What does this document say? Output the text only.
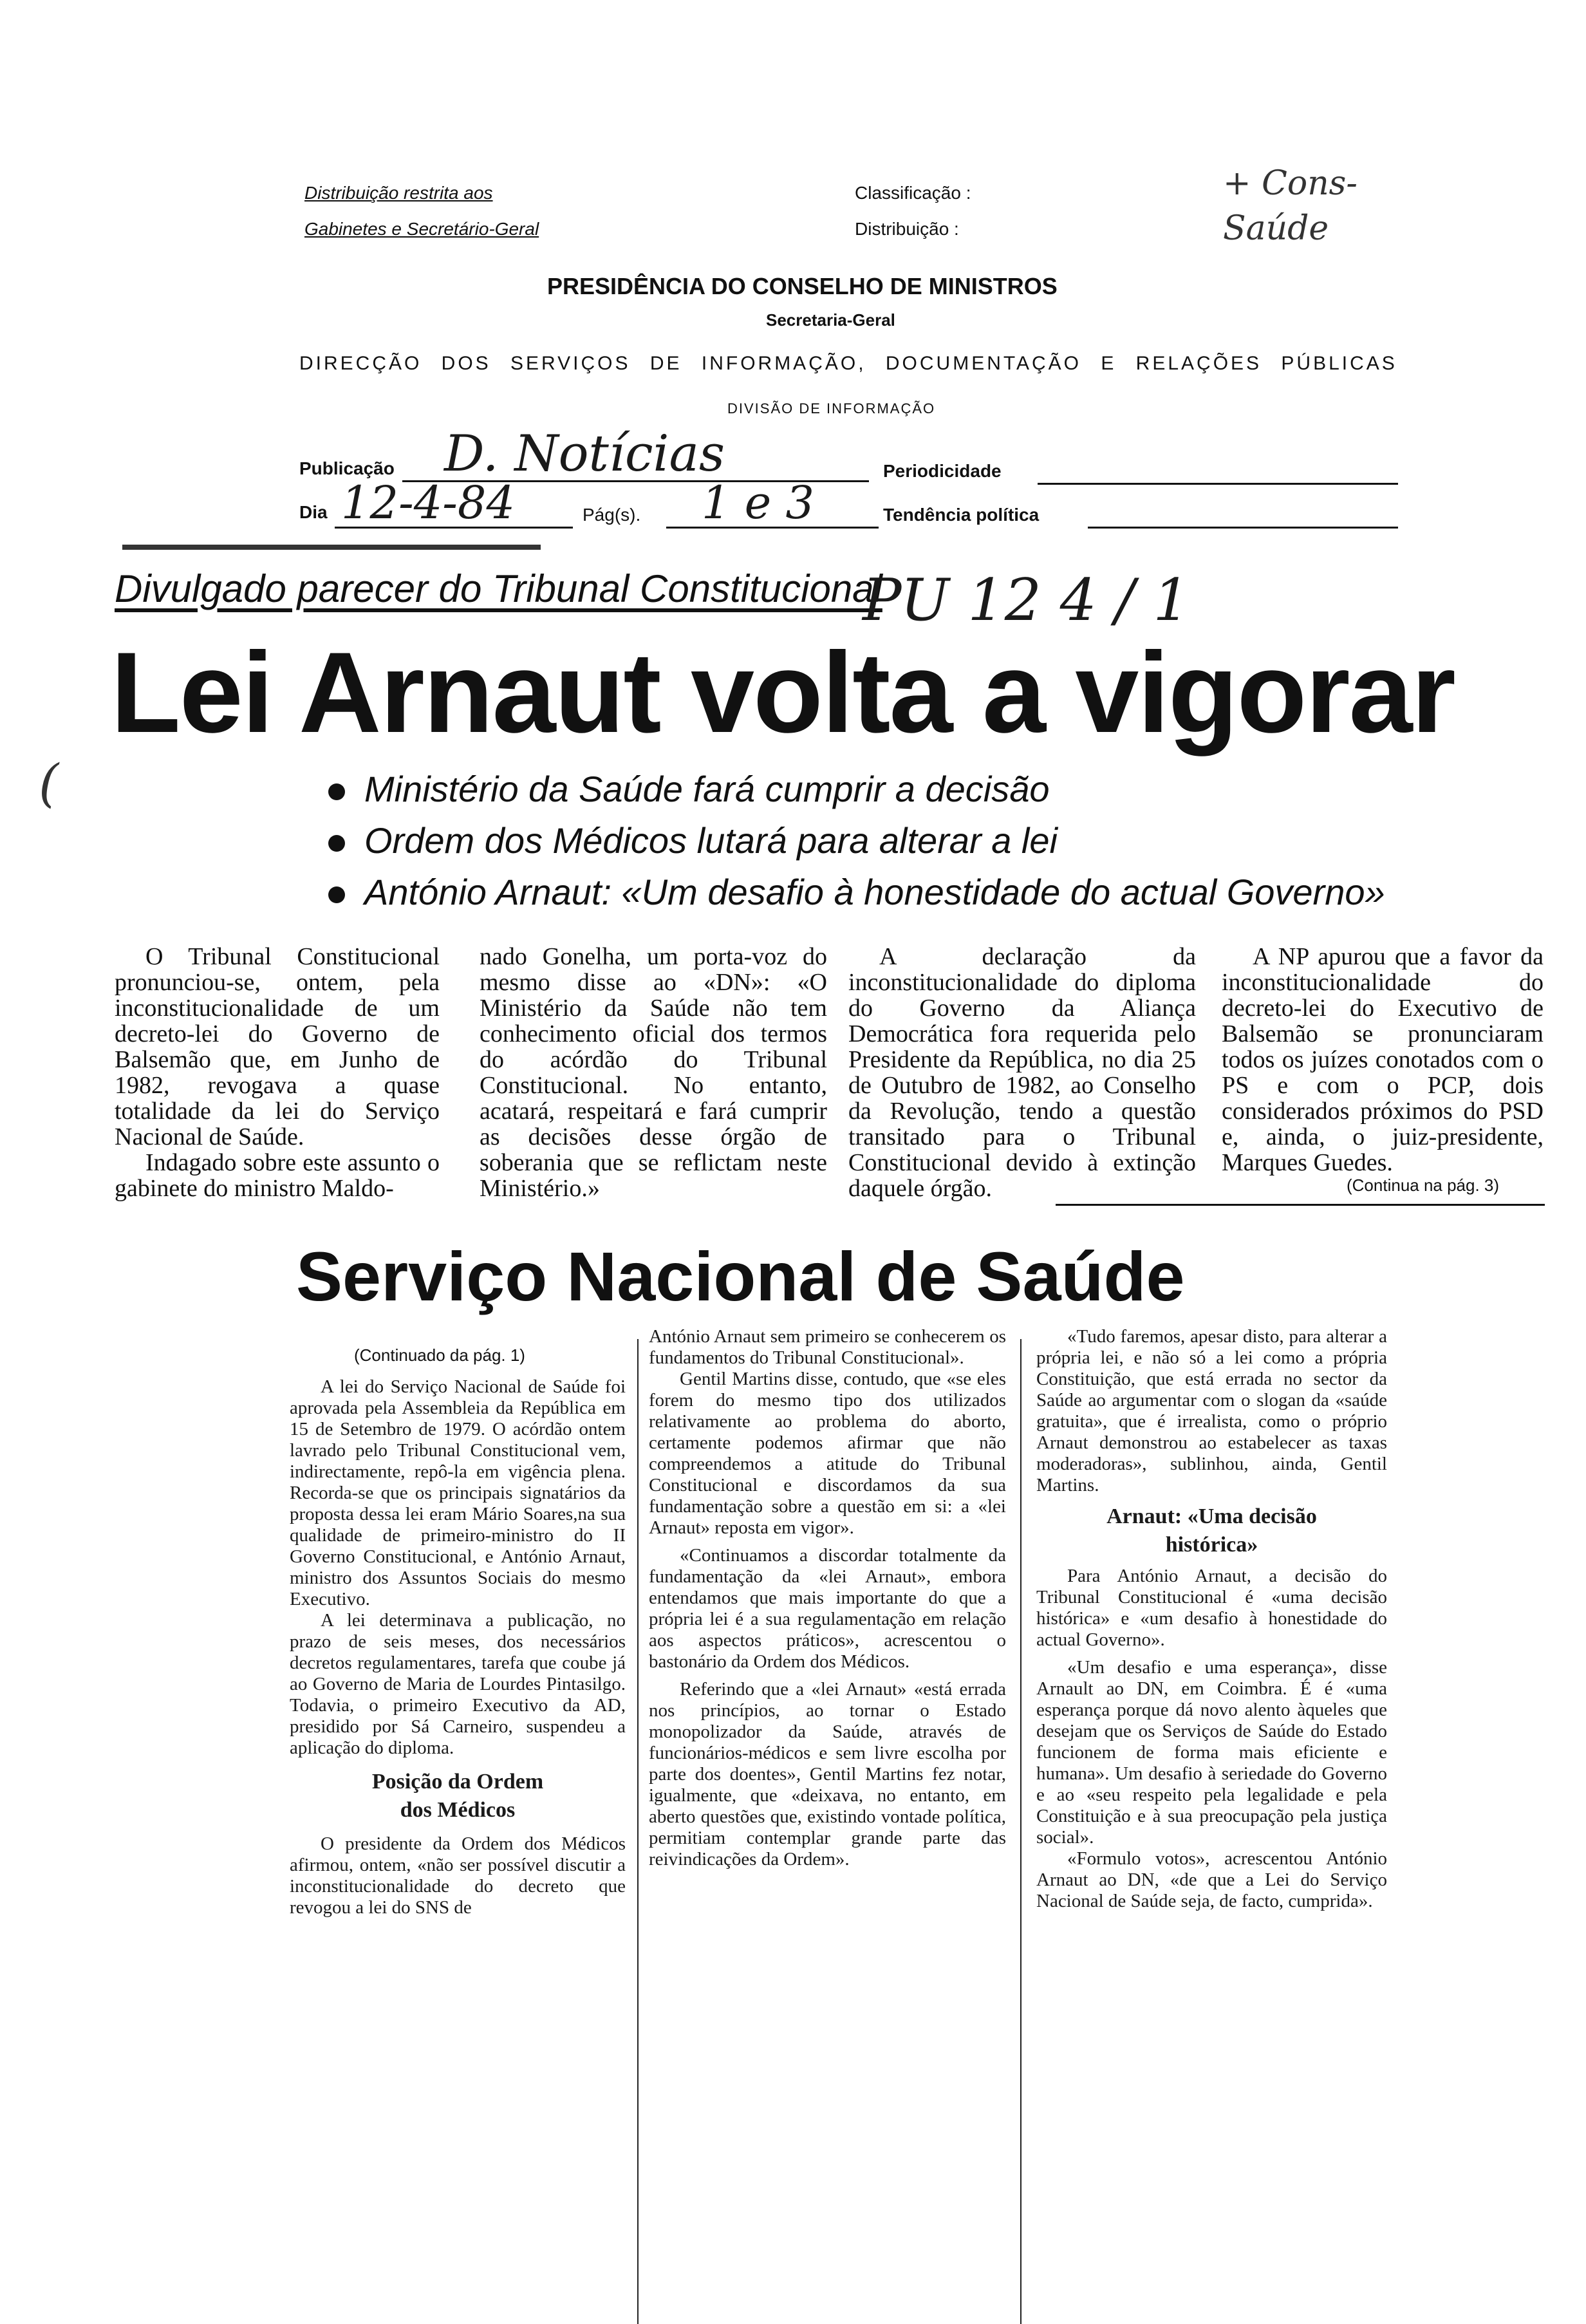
Distribuição restrita aos
Gabinetes e Secretário-Geral
Classificação :
Distribuição :
+ Cons- Saúde
PRESIDÊNCIA DO CONSELHO DE MINISTROS
Secretaria-Geral
DIRECÇÃO DOS SERVIÇOS DE INFORMAÇÃO, DOCUMENTAÇÃO E RELAÇÕES PÚBLICAS
DIVISÃO DE INFORMAÇÃO
Publicação D. Notícias	Periodicidade
Dia 12-4-84	Pág(s). 1 e 3	Tendência política
Divulgado parecer do Tribunal Constitucional
PU 12 4 / 1
Lei Arnaut volta a vigorar
Ministério da Saúde fará cumprir a decisão
Ordem dos Médicos lutará para alterar a lei
António Arnaut: «Um desafio à honestidade do actual Governo»

O Tribunal Constitucional pronunciou-se, ontem, pela inconstitucionalidade de um decreto-lei do Governo de Balsemão que, em Junho de 1982, revogava a quase totalidade da lei do Serviço Nacional de Saúde.

Indagado sobre este assunto o gabinete do ministro Maldo-

nado Gonelha, um porta-voz do mesmo disse ao «DN»: «O Ministério da Saúde não tem conhecimento oficial dos termos do acórdão do Tribunal Constitucional. No entanto, acatará, respeitará e fará cumprir as decisões desse órgão de soberania que se reflictam neste Ministério.»

A declaração da inconstitucionalidade do diploma do Governo da Aliança Democrática fora requerida pelo Presidente da República, no dia 25 de Outubro de 1982, ao Conselho da Revolução, tendo a questão transitado para o Tribunal Constitucional devido à extinção daquele órgão.

A NP apurou que a favor da inconstitucionalidade do decreto-lei do Executivo de Balsemão se pronunciaram todos os juízes conotados com o PS e com o PCP, dois considerados próximos do PSD e, ainda, o juiz-presidente, Marques Guedes.

(Continua na pág. 3)
Serviço Nacional de Saúde
(Continuado da pág. 1)

A lei do Serviço Nacional de Saúde foi aprovada pela Assembleia da República em 15 de Setembro de 1979. O acórdão ontem lavrado pelo Tribunal Constitucional vem, indirectamente, repô-la em vigência plena. Recorda-se que os principais signatários da proposta dessa lei eram Mário Soares,na sua qualidade de primeiro-ministro do II Governo Constitucional, e António Arnaut, ministro dos Assuntos Sociais do mesmo Executivo.

A lei determinava a publicação, no prazo de seis meses, dos necessários decretos regulamentares, tarefa que coube já ao Governo de Maria de Lourdes Pintasilgo. Todavia, o primeiro Executivo da AD, presidido por Sá Carneiro, suspendeu a aplicação do diploma.

Posição da Ordem dos Médicos

O presidente da Ordem dos Médicos afirmou, ontem, «não ser possível discutir a inconstitucionalidade do decreto que revogou a lei do SNS de

António Arnaut sem primeiro se conhecerem os fundamentos do Tribunal Constitucional».

Gentil Martins disse, contudo, que «se eles forem do mesmo tipo dos utilizados relativamente ao problema do aborto, certamente podemos afirmar que não compreendemos a atitude do Tribunal Constitucional e discordamos da sua fundamentação sobre a questão em si: a «lei Arnaut» reposta em vigor».

«Continuamos a discordar totalmente da fundamentação da «lei Arnaut», embora entendamos que mais importante do que a própria lei é a sua regulamentação em relação aos aspectos práticos», acrescentou o bastonário da Ordem dos Médicos.

Referindo que a «lei Arnaut» «está errada nos princípios, ao tornar o Estado monopolizador da Saúde, através de funcionários-médicos e sem livre escolha por parte dos doentes», Gentil Martins fez notar, igualmente, que «deixava, no entanto, em aberto questões que, existindo vontade política, permitiam contemplar grande parte das reivindicações da Ordem».

«Tudo faremos, apesar disto, para alterar a própria lei, e não só a lei como a própria Constituição, que está errada no sector da Saúde ao argumentar com o slogan da «saúde gratuita», que é irrealista, como o próprio Arnaut demonstrou ao estabelecer as taxas moderadoras», sublinhou, ainda, Gentil Martins.

Arnaut: «Uma decisão histórica»

Para António Arnaut, a decisão do Tribunal Constitucional é «uma decisão histórica» e «um desafio à honestidade do actual Governo».

«Um desafio e uma esperança», disse Arnault ao DN, em Coimbra. É é «uma esperança porque dá novo alento àqueles que desejam que os Serviços de Saúde do Estado funcionem de forma mais eficiente e humana». Um desafio à seriedade do Governo e ao «seu respeito pela legalidade e pela Constituição e à sua preocupação pela justiça social».

«Formulo votos», acrescentou António Arnaut ao DN, «de que a Lei do Serviço Nacional de Saúde seja, de facto, cumprida».

(
